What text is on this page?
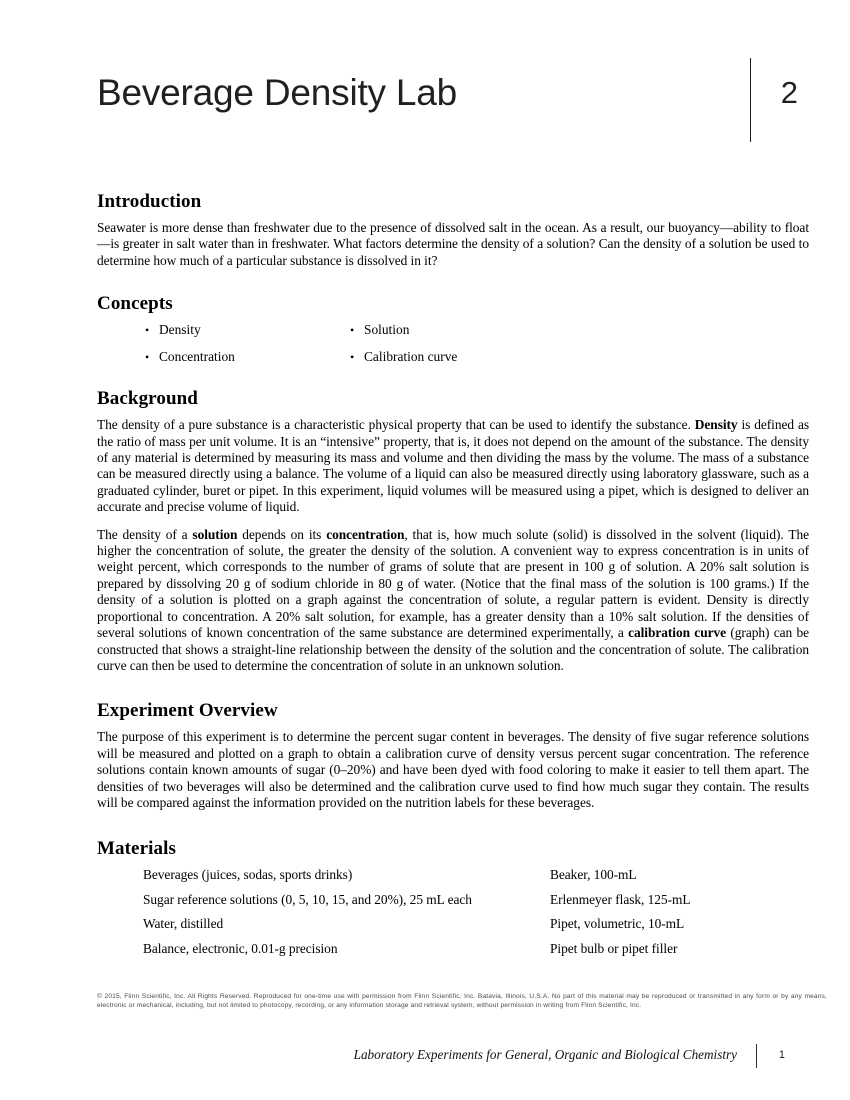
Beverage Density Lab	2
Introduction

Seawater is more dense than freshwater due to the presence of dissolved salt in the ocean. As a result, our buoyancy—ability to float—is greater in salt water than in freshwater. What factors determine the density of a solution? Can the density of a solution be used to determine how much of a particular substance is dissolved in it?

Concepts
• Density	• Solution
• Concentration	• Calibration curve
Background

The density of a pure substance is a characteristic physical property that can be used to identify the substance. Density is defined as the ratio of mass per unit volume. It is an “intensive” property, that is, it does not depend on the amount of the substance. The density of any material is determined by measuring its mass and volume and then dividing the mass by the volume. The mass of a substance can be measured directly using a balance. The volume of a liquid can also be measured directly using laboratory glassware, such as a graduated cylinder, buret or pipet. In this experiment, liquid volumes will be measured using a pipet, which is designed to deliver an accurate and precise volume of liquid.

The density of a solution depends on its concentration, that is, how much solute (solid) is dissolved in the solvent (liquid). The higher the concentration of solute, the greater the density of the solution. A convenient way to express concentration is in units of weight percent, which corresponds to the number of grams of solute that are present in 100 g of solution. A 20% salt solution is prepared by dissolving 20 g of sodium chloride in 80 g of water. (Notice that the final mass of the solution is 100 grams.) If the density of a solution is plotted on a graph against the concentration of solute, a regular pattern is evident. Density is directly proportional to concentration. A 20% salt solution, for example, has a greater density than a 10% salt solution. If the densities of several solutions of known concentration of the same substance are determined experimentally, a calibration curve (graph) can be constructed that shows a straight-line relationship between the density of the solution and the concentration of solute. The calibration curve can then be used to determine the concentration of solute in an unknown solution.

Experiment Overview

The purpose of this experiment is to determine the percent sugar content in beverages. The density of five sugar reference solutions will be measured and plotted on a graph to obtain a calibration curve of density versus percent sugar concentration. The reference solutions contain known amounts of sugar (0–20%) and have been dyed with food coloring to make it easier to tell them apart. The densities of two beverages will also be determined and the calibration curve used to find how much sugar they contain. The results will be compared against the information provided on the nutrition labels for these beverages.

Materials
Beverages (juices, sodas, sports drinks)	Beaker, 100-mL
Sugar reference solutions (0, 5, 10, 15, and 20%), 25 mL each	Erlenmeyer flask, 125-mL
Water, distilled	Pipet, volumetric, 10-mL
Balance, electronic, 0.01-g precision	Pipet bulb or pipet filler
© 2015, Flinn Scientific, Inc. All Rights Reserved. Reproduced for one-time use with permission from Flinn Scientific, Inc. Batavia, Illinois, U.S.A. No part of this material may be reproduced or transmitted in any form or by any means, electronic or mechanical, including, but not limited to photocopy, recording, or any information storage and retrieval system, without permission in writing from Flinn Scientific, Inc.
Laboratory Experiments for General, Organic and Biological Chemistry	1
